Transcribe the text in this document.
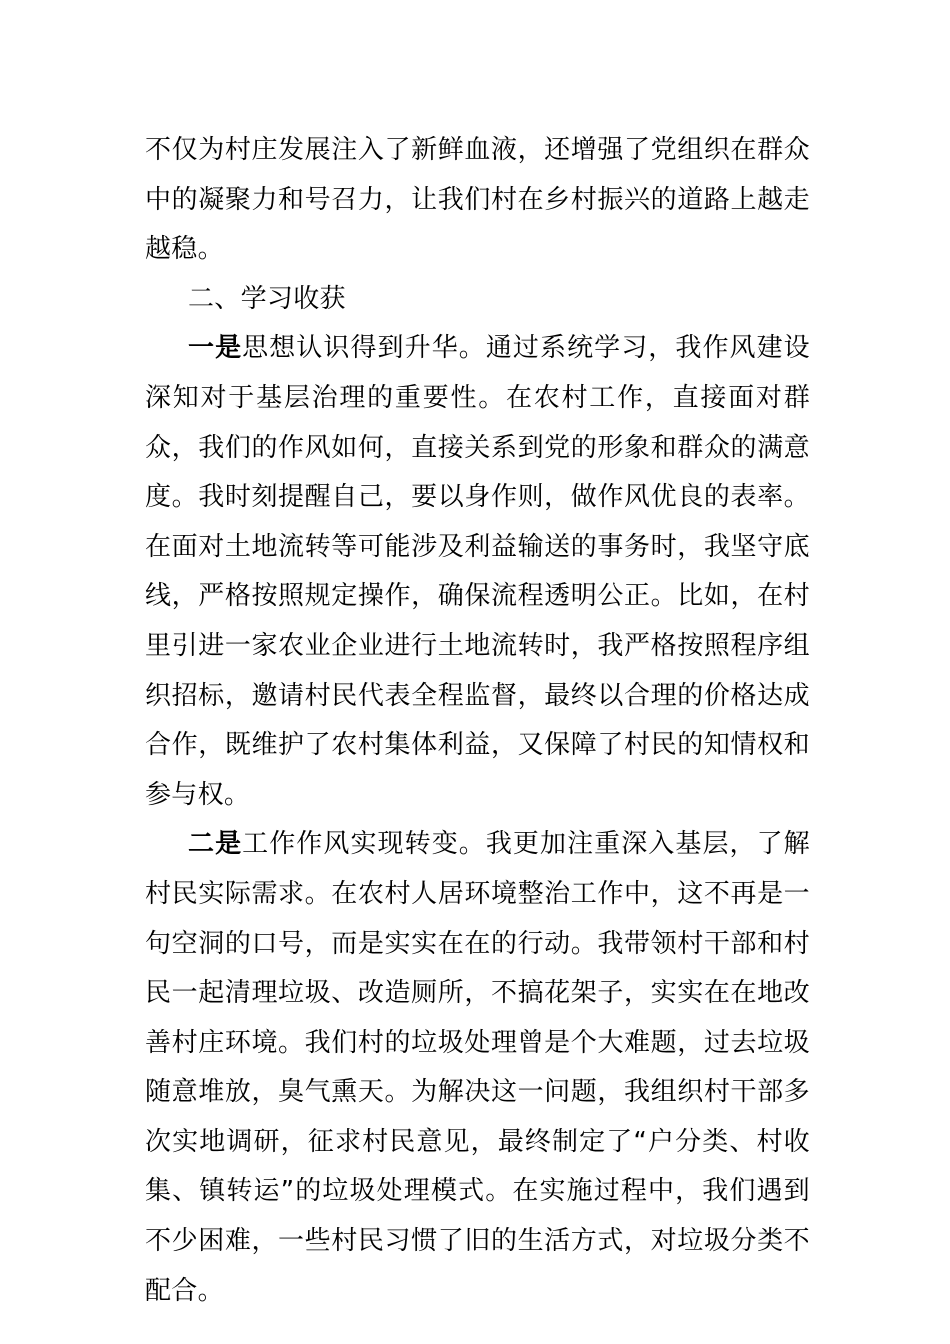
不仅为村庄发展注入了新鲜血液，还增强了党组织在群众中的凝聚力和号召力，让我们村在乡村振兴的道路上越走越稳。

二、学习收获

一是思想认识得到升华。通过系统学习，我作风建设深知对于基层治理的重要性。在农村工作，直接面对群众，我们的作风如何，直接关系到党的形象和群众的满意度。我时刻提醒自己，要以身作则，做作风优良的表率。在面对土地流转等可能涉及利益输送的事务时，我坚守底线，严格按照规定操作，确保流程透明公正。比如，在村里引进一家农业企业进行土地流转时，我严格按照程序组织招标，邀请村民代表全程监督，最终以合理的价格达成合作，既维护了农村集体利益，又保障了村民的知情权和参与权。

二是工作作风实现转变。我更加注重深入基层，了解村民实际需求。在农村人居环境整治工作中，这不再是一句空洞的口号，而是实实在在的行动。我带领村干部和村民一起清理垃圾、改造厕所，不搞花架子，实实在在地改善村庄环境。我们村的垃圾处理曾是个大难题，过去垃圾随意堆放，臭气熏天。为解决这一问题，我组织村干部多次实地调研，征求村民意见，最终制定了“户分类、村收集、镇转运”的垃圾处理模式。在实施过程中，我们遇到不少困难，一些村民习惯了旧的生活方式，对垃圾分类不配合。
